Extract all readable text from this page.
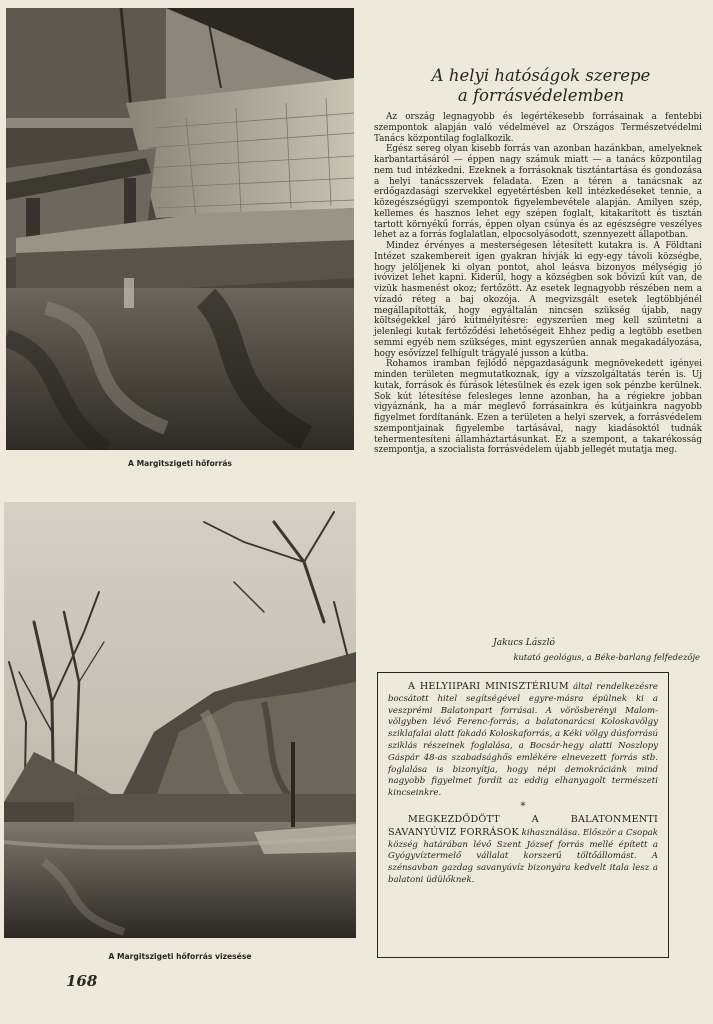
A Margitszigeti hőforrás
A Margitszigeti hőforrás vizesése
168
A helyi hatóságok szerepe
a forrásvédelemben

Az ország legnagyobb és legértékesebb forrásainak a fentebbi szempontok alapján való védelmével az Országos Természetvédelmi Tanács központilag foglalkozik.

Egész sereg olyan kisebb forrás van azonban hazánkban, amelyeknek karbantartásáról — éppen nagy számuk miatt — a tanács központilag nem tud intézkedni. Ezeknek a forrásoknak tisztántartása és gondozása a helyi tanácsszervek feladata. Ezen a téren a tanácsnak az erdőgazdasági szervekkel egyetértésben kell intézkedéseket tennie, a közegészségügyi szempontok figyelembevétele alapján. Amilyen szép, kellemes és hasznos lehet egy szépen foglalt, kitakarított és tisztán tartott környékű forrás, éppen olyan csúnya és az egészségre veszélyes lehet az a forrás foglalatlan, elpocsolyásodott, szennyezett állapotban.

Mindez érvényes a mesterségesen létesített kutakra is. A Földtani Intézet szakembereit igen gyakran hívják ki egy-egy távoli községbe, hogy jelöljenek ki olyan pontot, ahol leásva bizonyos mélységig jó ivóvizet lehet kapni. Kiderül, hogy a községben sok bővizű kút van, de vizük hasmenést okoz; fertőzött. Az esetek legnagyobb részében nem a vízadó réteg a baj okozója. A megvizsgált esetek legtöbbjénél megállapították, hogy egyáltalán nincsen szükség újabb, nagy költségekkel járó kútmélyítésre: egyszerűen meg kell szüntetni a jelenlegi kutak fertőződési lehetőségeit Ehhez pedig a legtöbb esetben semmi egyéb nem szükséges, mint egyszerűen annak megakadályozása, hogy esővízzel felhígult trágyalé jusson a kútba.

Rohamos iramban fejlődő népgazdaságunk megnövekedett igényei minden területen megmutatkoznak, így a vízszolgáltatás terén is. Uj kutak, források és fúrások létesülnek és ezek igen sok pénzbe kerülnek. Sok kút létesítése felesleges lenne azonban, ha a régiekre jobban vigyáznánk, ha a már meglevő forrásainkra és kútjainkra nagyobb figyelmet fordítanánk. Ezen a területen a helyi szervek, a forrásvédelem szempontjainak figyelembe tartásával, nagy kiadásoktól tudnák tehermentesíteni államháztartásunkat. Ez a szempont, a takarékosság szempontja, a szocialista forrásvédelem újabb jellegét mutatja meg.

Jakucs László
kutató geológus, a Béke-barlang felfedezője

A HELYIIPARI MINISZTÉRIUM által rendelkezésre bocsátott hitel segítségével egyre-másra épülnek ki a veszprémi Balatonpart forrásai. A vörösberényi Malom-völgyben lévő Ferenc-forrás, a balatonarácsi Koloskavölgy sziklafalai alatt fakadó Koloskaforrás, a Kéki völgy dúsforrású sziklás részeinek foglalása, a Bocsár-hegy alatti Noszlopy Gáspár 48-as szabadsághős emlékére elnevezett forrás stb. foglalása is bizonyítja, hogy népi demokráciánk mind nagyobb figyelmet fordít az eddig elhanyagolt természeti kincseinkre.

*

MEGKEZDŐDÖTT A BALATONMENTI SAVANYÚVIZ FORRÁSOK kihasználása. Először a Csopak község határában lévő Szent József forrás mellé épített a Gyógyvíztermelő vállalat korszerű töltőállomást. A szénsavban gazdag savanyúvíz bizonyára kedvelt itala lesz a balatoni üdülőknek.
